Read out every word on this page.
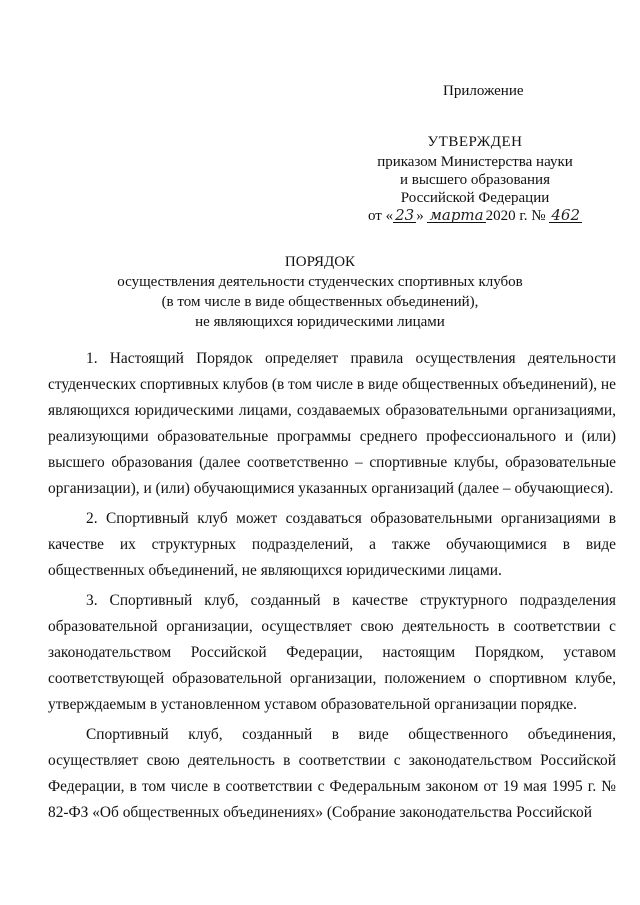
Приложение
УТВЕРЖДЕН
приказом Министерства науки
и высшего образования
Российской Федерации
от « 23 » марта 2020 г. № 462
ПОРЯДОК
осуществления деятельности студенческих спортивных клубов
(в том числе в виде общественных объединений),
не являющихся юридическими лицами

1. Настоящий Порядок определяет правила осуществления деятельности студенческих спортивных клубов (в том числе в виде общественных объединений), не являющихся юридическими лицами, создаваемых образовательными организациями, реализующими образовательные программы среднего профессионального и (или) высшего образования (далее соответственно – спортивные клубы, образовательные организации), и (или) обучающимися указанных организаций (далее – обучающиеся).

2. Спортивный клуб может создаваться образовательными организациями в качестве их структурных подразделений, а также обучающимися в виде общественных объединений, не являющихся юридическими лицами.

3. Спортивный клуб, созданный в качестве структурного подразделения образовательной организации, осуществляет свою деятельность в соответствии с законодательством Российской Федерации, настоящим Порядком, уставом соответствующей образовательной организации, положением о спортивном клубе, утверждаемым в установленном уставом образовательной организации порядке.

Спортивный клуб, созданный в виде общественного объединения, осуществляет свою деятельность в соответствии с законодательством Российской Федерации, в том числе в соответствии с Федеральным законом от 19 мая 1995 г. № 82-ФЗ «Об общественных объединениях» (Собрание законодательства Российской
